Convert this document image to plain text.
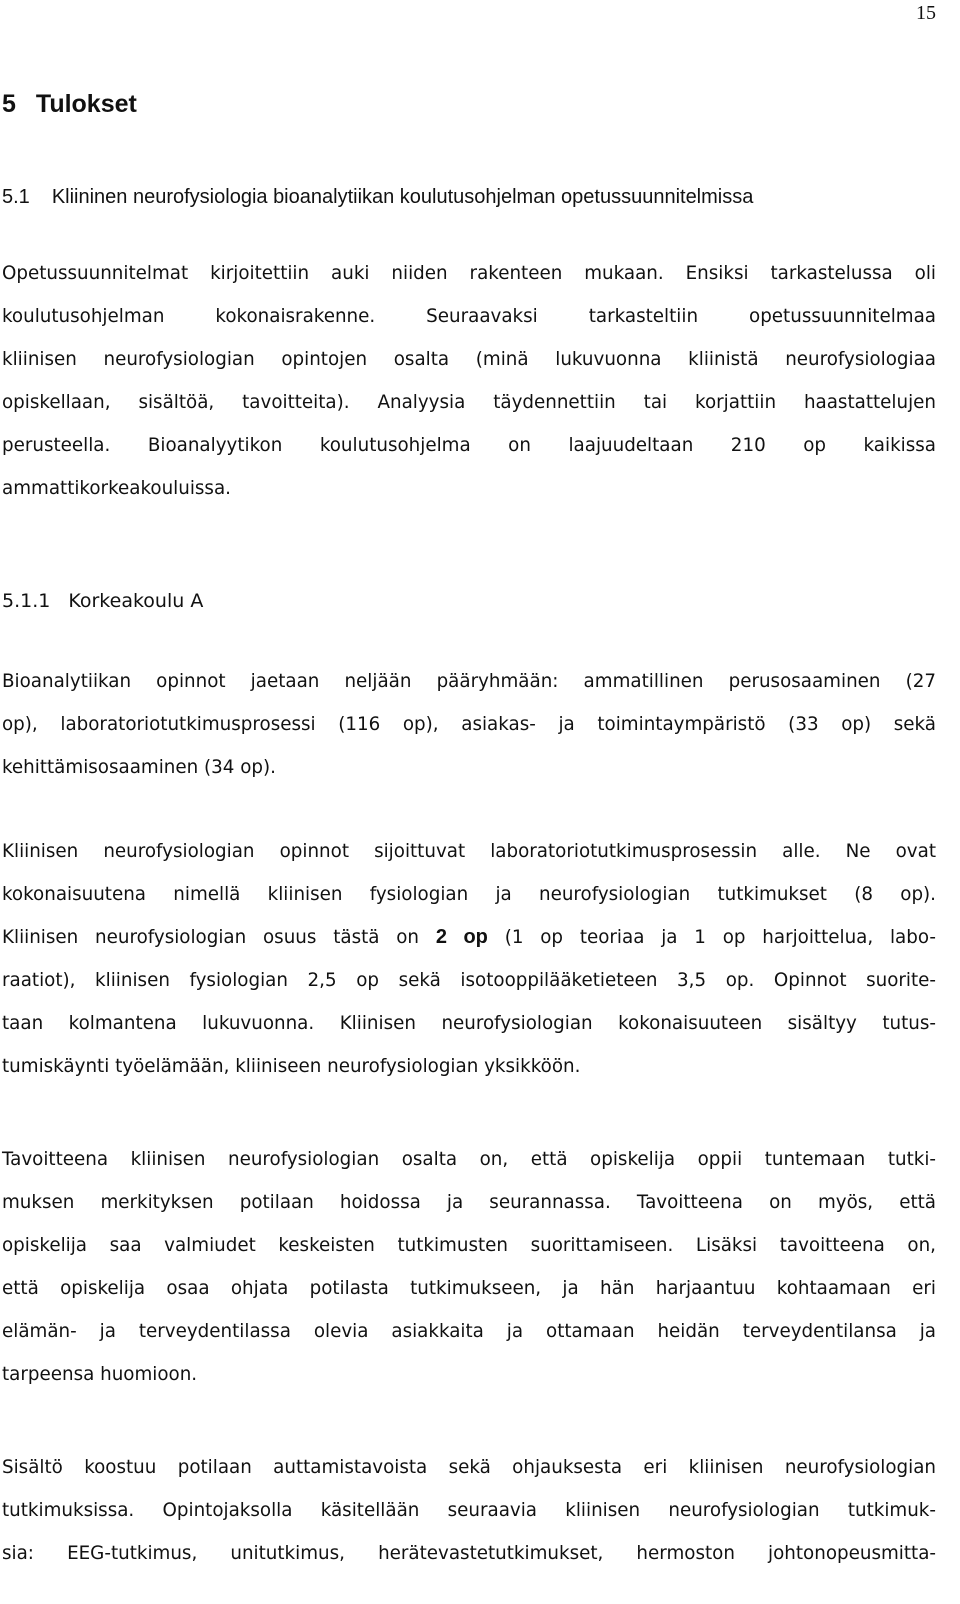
15
5 Tulokset
5.1 Kliininen neurofysiologia bioanalytiikan koulutusohjelman opetussuunnitelmissa
Opetussuunnitelmat kirjoitettiin auki niiden rakenteen mukaan. Ensiksi tarkastelussa oli
koulutusohjelman kokonaisrakenne. Seuraavaksi tarkasteltiin opetussuunnitelmaa
kliinisen neurofysiologian opintojen osalta (minä lukuvuonna kliinistä neurofysiologiaa
opiskellaan, sisältöä, tavoitteita). Analyysia täydennettiin tai korjattiin haastattelujen
perusteella. Bioanalyytikon koulutusohjelma on laajuudeltaan 210 op kaikissa
ammattikorkeakouluissa.
5.1.1 Korkeakoulu A
Bioanalytiikan opinnot jaetaan neljään pääryhmään: ammatillinen perusosaaminen (27
op), laboratoriotutkimusprosessi (116 op), asiakas- ja toimintaympäristö (33 op) sekä
kehittämisosaaminen (34 op).
Kliinisen neurofysiologian opinnot sijoittuvat laboratoriotutkimusprosessin alle. Ne ovat
kokonaisuutena nimellä kliinisen fysiologian ja neurofysiologian tutkimukset (8 op).
Kliinisen neurofysiologian osuus tästä on 2 op (1 op teoriaa ja 1 op harjoittelua, labo-
raatiot), kliinisen fysiologian 2,5 op sekä isotooppilääketieteen 3,5 op. Opinnot suorite-
taan kolmantena lukuvuonna. Kliinisen neurofysiologian kokonaisuuteen sisältyy tutus-
tumiskäynti työelämään, kliiniseen neurofysiologian yksikköön.
Tavoitteena kliinisen neurofysiologian osalta on, että opiskelija oppii tuntemaan tutki-
muksen merkityksen potilaan hoidossa ja seurannassa. Tavoitteena on myös, että
opiskelija saa valmiudet keskeisten tutkimusten suorittamiseen. Lisäksi tavoitteena on,
että opiskelija osaa ohjata potilasta tutkimukseen, ja hän harjaantuu kohtaamaan eri
elämän- ja terveydentilassa olevia asiakkaita ja ottamaan heidän terveydentilansa ja
tarpeensa huomioon.
Sisältö koostuu potilaan auttamistavoista sekä ohjauksesta eri kliinisen neurofysiologian
tutkimuksissa. Opintojaksolla käsitellään seuraavia kliinisen neurofysiologian tutkimuk-
sia: EEG-tutkimus, unitutkimus, herätevastetutkimukset, hermoston johtonopeusmitta-
